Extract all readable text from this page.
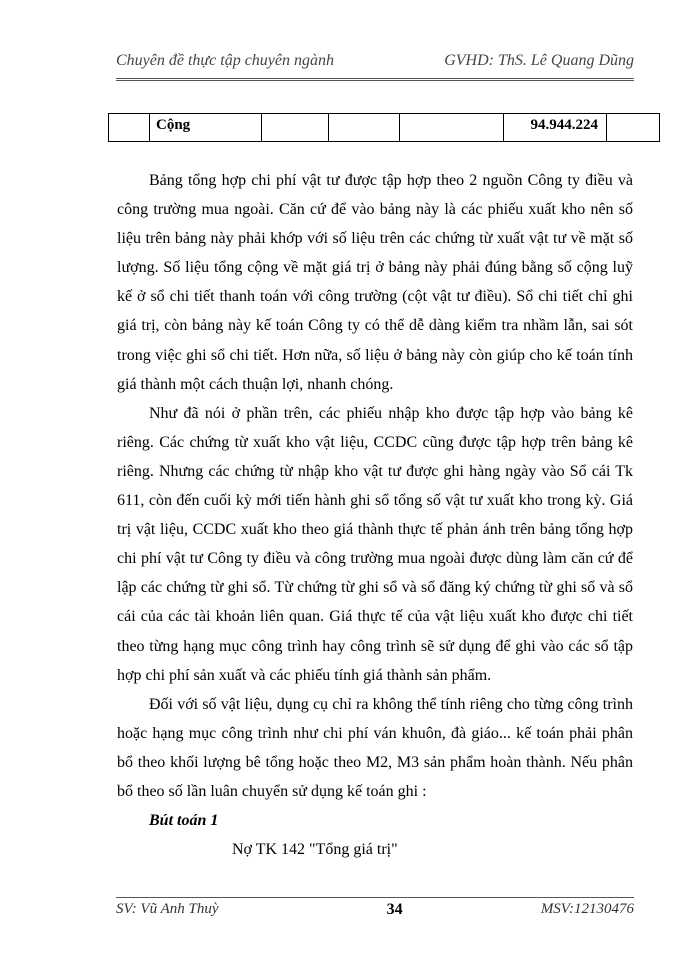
Chuyên đề thực tập chuyên ngành	GVHD: ThS. Lê Quang Dũng

Cộng				94.944.224

Bảng tổng hợp chi phí vật tư được tập hợp theo 2 nguồn Công ty điều và công trường mua ngoài. Căn cứ để vào bảng này là các phiếu xuất kho nên số liệu trên bảng này phải khớp với số liệu trên các chứng từ xuất vật tư về mặt số lượng. Số liệu tổng cộng về mặt giá trị ở bảng này phải đúng bằng số cộng luỹ kế ở sổ chi tiết thanh toán với công trường (cột vật tư điều). Sổ chi tiết chỉ ghi giá trị, còn bảng này kế toán Công ty có thể dễ dàng kiểm tra nhầm lẫn, sai sót trong việc ghi sổ chi tiết. Hơn nữa, số liệu ở bảng này còn giúp cho kế toán tính giá thành một cách thuận lợi, nhanh chóng.

Như đã nói ở phần trên, các phiếu nhập kho được tập hợp vào bảng kê riêng. Các chứng từ xuất kho vật liệu, CCDC cũng được tập hợp trên bảng kê riêng. Nhưng các chứng từ nhập kho vật tư được ghi hàng ngày vào Sổ cái Tk 611, còn đến cuối kỳ mới tiến hành ghi sổ tổng số vật tư xuất kho trong kỳ. Giá trị vật liệu, CCDC xuất kho theo giá thành thực tế phản ánh trên bảng tổng hợp chi phí vật tư Công ty điều và công trường mua ngoài được dùng làm căn cứ để lập các chứng từ ghi sổ. Từ chứng từ ghi sổ và sổ đăng ký chứng từ ghi sổ và sổ cái của các tài khoản liên quan. Giá thực tế của vật liệu xuất kho được chi tiết theo từng hạng mục công trình hay công trình sẽ sử dụng để ghi vào các sổ tập hợp chi phí sản xuất và các phiếu tính giá thành sản phẩm.

Đối với số vật liệu, dụng cụ chỉ ra không thể tính riêng cho từng công trình hoặc hạng mục công trình như chi phí ván khuôn, đà giáo... kế toán phải phân bổ theo khối lượng bê tổng hoặc theo M2, M3 sản phẩm hoàn thành. Nếu phân bổ theo số lần luân chuyển sử dụng kế toán ghi :

Bút toán 1

Nợ TK 142 "Tổng giá trị"

SV: Vũ Anh Thuỳ	34	MSV:12130476
